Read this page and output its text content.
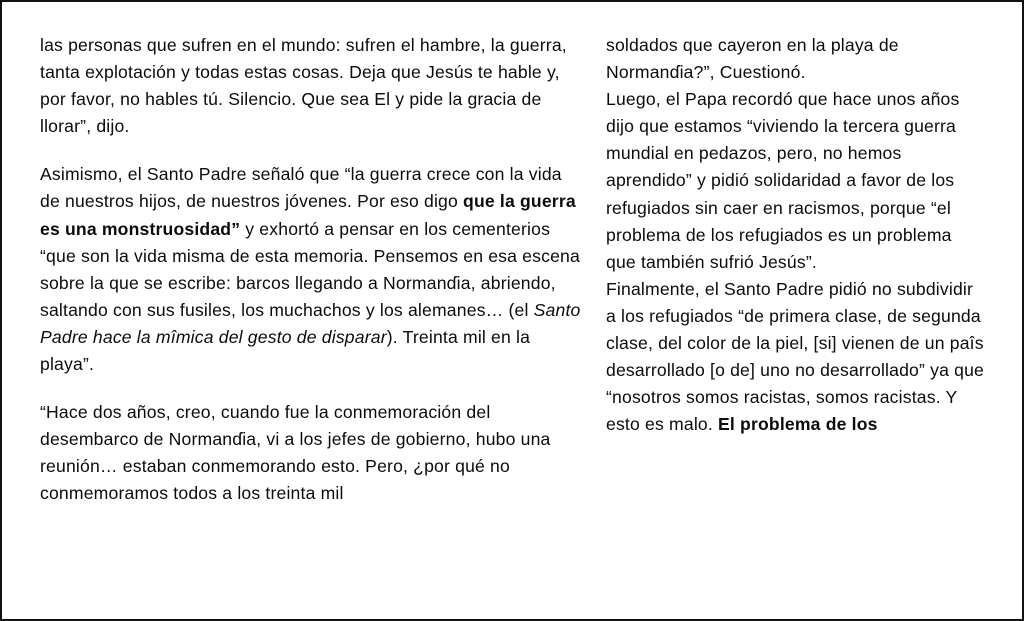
las personas que sufren en el mundo: sufren el hambre, la guerra, tanta explotación y todas estas cosas. Deja que Jesús te hable y, por favor, no hables tú. Silencio. Que sea El y pide la gracia de llorar”, dijo.

Asimismo, el Santo Padre señaló que “la guerra crece con la vida de nuestros hijos, de nuestros jóvenes. Por eso digo que la guerra es una monstruosidad” y exhortó a pensar en los cementerios “que son la vida misma de esta memoria. Pensemos en esa escena sobre la que se escribe: barcos llegando a Normanɗia, abriendo, saltando con sus fusiles, los muchachos y los alemanes… (el Santo Padre hace la mîmica del gesto de disparar). Treinta mil en la playa”.

“Hace dos años, creo, cuando fue la conmemoración del desembarco de Normanɗia, vi a los jefes de gobierno, hubo una reunión… estaban conmemorando esto. Pero, ¿por qué no conmemoramos todos a los treinta mil

soldados que cayeron en la playa de Normanɗia?”, Cuestionó.

Luego, el Papa recordó que hace unos años dijo que estamos “viviendo la tercera guerra mundial en pedazos, pero, no hemos aprendido” y pidió solidaridad a favor de los refugiados sin caer en racismos, porque “el problema de los refugiados es un problema que también sufrió Jesús”.

Finalmente, el Santo Padre pidió no subdividir a los refugiados “de primera clase, de segunda clase, del color de la piel, [si] vienen de un paîs desarrollado [o de] uno no desarrollado” ya que “nosotros somos racistas, somos racistas. Y esto es malo. El problema de los
